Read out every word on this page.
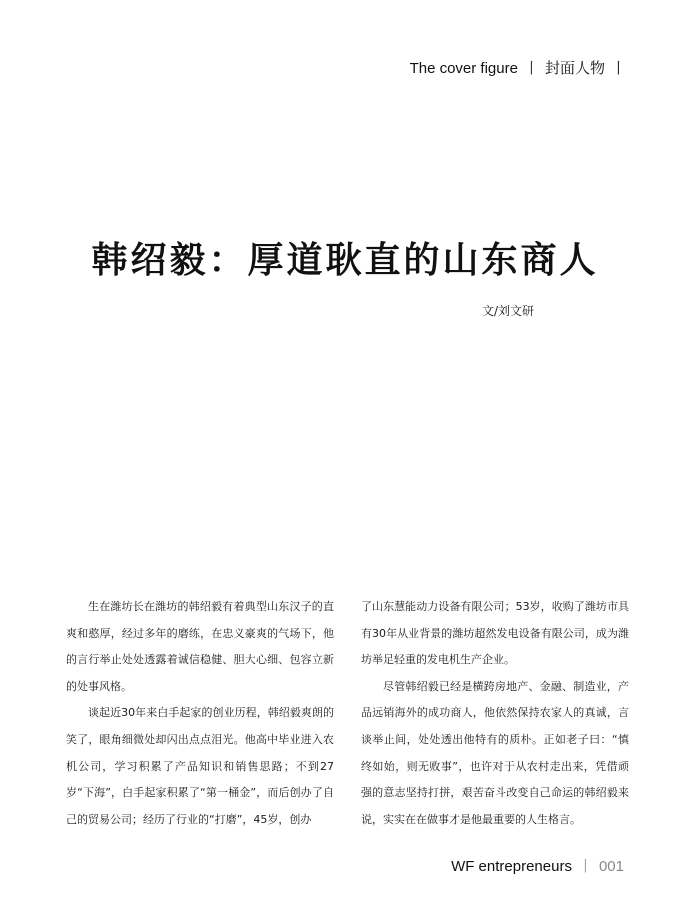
The cover figure 丨 封面人物 丨
韩绍毅：厚道耿直的山东商人
文/刘文研

生在潍坊长在潍坊的韩绍毅有着典型山东汉子的直爽和憨厚，经过多年的磨练，在忠义豪爽的气场下，他的言行举止处处透露着诚信稳健、胆大心细、包容立新的处事风格。

谈起近30年来白手起家的创业历程，韩绍毅爽朗的笑了，眼角细微处却闪出点点泪光。他高中毕业进入农机公司，学习积累了产品知识和销售思路；不到27岁“下海”，白手起家积累了“第一桶金”，而后创办了自己的贸易公司；经历了行业的“打磨”，45岁，创办

了山东慧能动力设备有限公司；53岁，收购了潍坊市具有30年从业背景的潍坊超然发电设备有限公司，成为潍坊举足轻重的发电机生产企业。

尽管韩绍毅已经是横跨房地产、金融、制造业，产品远销海外的成功商人，他依然保持农家人的真诚，言谈举止间，处处透出他特有的质朴。正如老子曰：“慎终如始，则无败事”，也许对于从农村走出来，凭借顽强的意志坚持打拼，艰苦奋斗改变自己命运的韩绍毅来说，实实在在做事才是他最重要的人生格言。

WF entrepreneurs 丨 001
